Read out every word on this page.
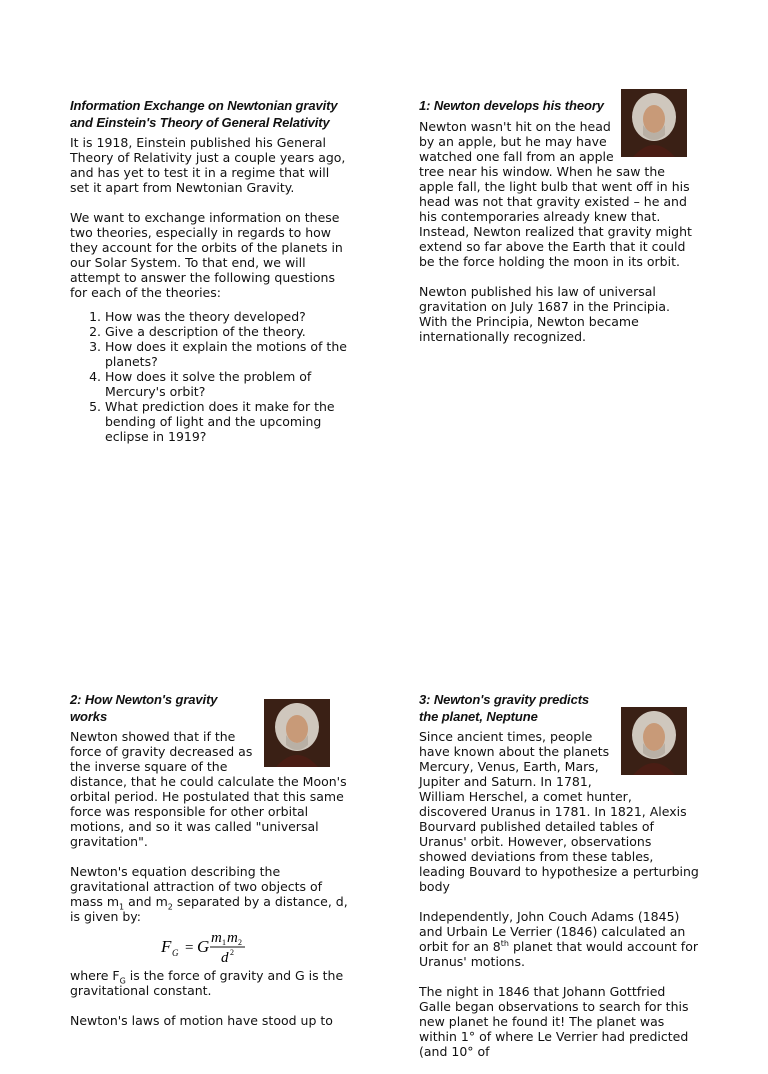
Information Exchange on Newtonian gravity and Einstein's Theory of General Relativity

It is 1918, Einstein published his General Theory of Relativity just a couple years ago, and has yet to test it in a regime that will set it apart from Newtonian Gravity.

We want to exchange information on these two theories, especially in regards to how they account for the orbits of the planets in our Solar System. To that end, we will attempt to answer the following questions for each of the theories:

1. How was the theory developed?
2. Give a description of the theory.
3. How does it explain the motions of the planets?
4. How does it solve the problem of Mercury's orbit?
5. What prediction does it make for the bending of light and the upcoming eclipse in 1919?
1: Newton develops his theory

Newton wasn't hit on the head by an apple, but he may have watched one fall from an apple tree near his window. When he saw the apple fall, the light bulb that went off in his head was not that gravity existed – he and his contemporaries already knew that. Instead, Newton realized that gravity might extend so far above the Earth that it could be the force holding the moon in its orbit.

Newton published his law of universal gravitation on July 1687 in the Principia. With the Principia, Newton became internationally recognized.

2: How Newton's gravity works

Newton showed that if the force of gravity decreased as the inverse square of the distance, that he could calculate the Moon's orbital period. He postulated that this same force was responsible for other orbital motions, and so it was called "universal gravitation".

Newton's equation describing the gravitational attraction of two objects of mass $m_1$ and $m_2$ separated by a distance, d, is given by:

F G = G m 1 m 2
d 2

where $F_G$ is the force of gravity and G is the gravitational constant.

Newton's laws of motion have stood up to

3: Newton's gravity predicts the planet, Neptune

Since ancient times, people have known about the planets Mercury, Venus, Earth, Mars, Jupiter and Saturn. In 1781, William Herschel, a comet hunter, discovered Uranus in 1781. In 1821, Alexis Bourvard published detailed tables of Uranus' orbit. However, observations showed deviations from these tables, leading Bouvard to hypothesize a perturbing body

Independently, John Couch Adams (1845) and Urbain Le Verrier (1846) calculated an orbit for an 8th planet that would account for Uranus' motions.

The night in 1846 that Johann Gottfried Galle began observations to search for this new planet he found it! The planet was within 1° of where Le Verrier had predicted (and 10° of
